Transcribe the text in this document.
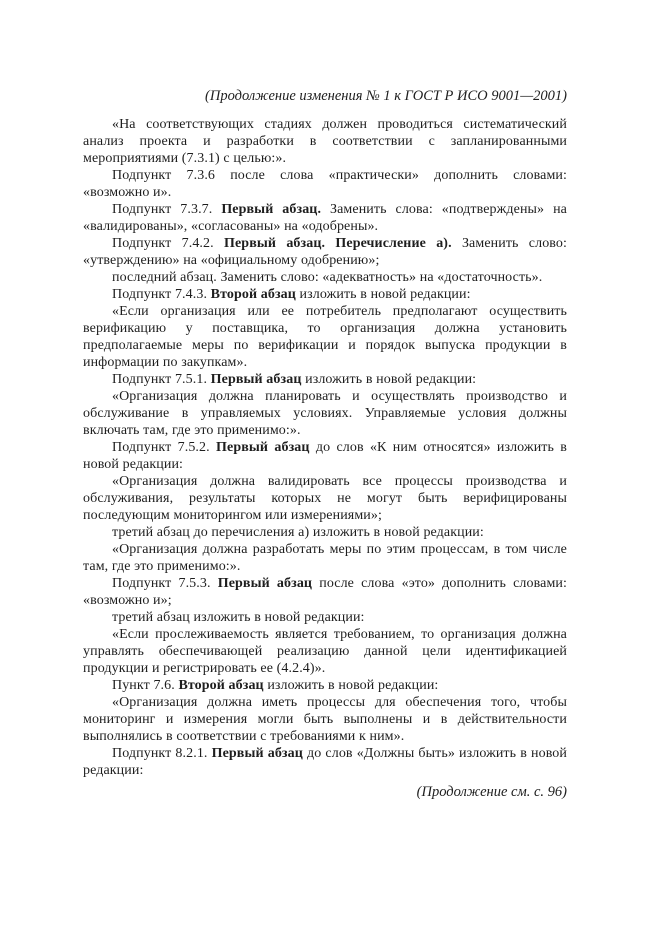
(Продолжение изменения № 1 к ГОСТ Р ИСО 9001—2001)

«На соответствующих стадиях должен проводиться систематический анализ проекта и разработки в соответствии с запланированными мероприятиями (7.3.1) с целью:».

Подпункт 7.3.6 после слова «практически» дополнить словами: «возможно и».

Подпункт 7.3.7. Первый абзац. Заменить слова: «подтверждены» на «валидированы», «согласованы» на «одобрены».

Подпункт 7.4.2. Первый абзац. Перечисление а). Заменить слово: «утверждению» на «официальному одобрению»;

последний абзац. Заменить слово: «адекватность» на «достаточность».

Подпункт 7.4.3. Второй абзац изложить в новой редакции:

«Если организация или ее потребитель предполагают осуществить верификацию у поставщика, то организация должна установить предполагаемые меры по верификации и порядок выпуска продукции в информации по закупкам».

Подпункт 7.5.1. Первый абзац изложить в новой редакции:

«Организация должна планировать и осуществлять производство и обслуживание в управляемых условиях. Управляемые условия должны включать там, где это применимо:».

Подпункт 7.5.2. Первый абзац до слов «К ним относятся» изложить в новой редакции:

«Организация должна валидировать все процессы производства и обслуживания, результаты которых не могут быть верифицированы последующим мониторингом или измерениями»;

третий абзац до перечисления а) изложить в новой редакции:

«Организация должна разработать меры по этим процессам, в том числе там, где это применимо:».

Подпункт 7.5.3. Первый абзац после слова «это» дополнить словами: «возможно и»;

третий абзац изложить в новой редакции:

«Если прослеживаемость является требованием, то организация должна управлять обеспечивающей реализацию данной цели идентификацией продукции и регистрировать ее (4.2.4)».

Пункт 7.6. Второй абзац изложить в новой редакции:

«Организация должна иметь процессы для обеспечения того, чтобы мониторинг и измерения могли быть выполнены и в действительности выполнялись в соответствии с требованиями к ним».

Подпункт 8.2.1. Первый абзац до слов «Должны быть» изложить в новой редакции:

(Продолжение см. с. 96)
